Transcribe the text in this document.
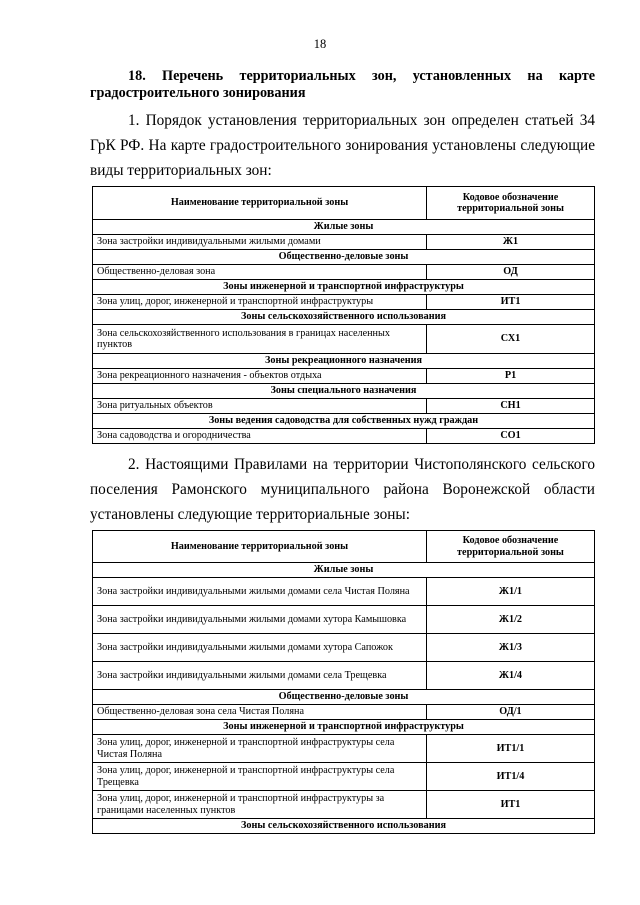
18
18. Перечень территориальных зон, установленных на карте
градостроительного зонирования
1. Порядок установления территориальных зон определен статьей 34
ГрК РФ. На карте градостроительного зонирования установлены следующие
виды территориальных зон:
Наименование территориальной зоны	Кодовое обозначение территориальной зоны
Жилые зоны	
Зона застройки индивидуальными жилыми домами	Ж1
Общественно-деловые зоны	
Общественно-деловая зона	ОД
Зоны инженерной и транспортной инфраструктуры	
Зона улиц, дорог, инженерной и транспортной инфраструктуры	ИТ1
Зоны сельскохозяйственного использования	
Зона сельскохозяйственного использования в границах населенных пунктов	СХ1
Зоны рекреационного назначения	
Зона рекреационного назначения - объектов отдыха	Р1
Зоны специального назначения	
Зона ритуальных объектов	СН1
Зоны ведения садоводства для собственных нужд граждан	
Зона садоводства и огородничества	СО1
2. Настоящими Правилами на территории Чистополянского сельского
поселения Рамонского муниципального района Воронежской области
установлены следующие территориальные зоны:
Наименование территориальной зоны	Кодовое обозначение территориальной зоны
Жилые зоны	
Зона застройки индивидуальными жилыми домами села Чистая Поляна	Ж1/1
Зона застройки индивидуальными жилыми домами хутора Камышовка	Ж1/2
Зона застройки индивидуальными жилыми домами хутора Сапожок	Ж1/3
Зона застройки индивидуальными жилыми домами села Трещевка	Ж1/4
Общественно-деловые зоны	
Общественно-деловая зона села Чистая Поляна	ОД/1
Зоны инженерной и транспортной инфраструктуры	
Зона улиц, дорог, инженерной и транспортной инфраструктуры села Чистая Поляна	ИТ1/1
Зона улиц, дорог, инженерной и транспортной инфраструктуры села Трещевка	ИТ1/4
Зона улиц, дорог, инженерной и транспортной инфраструктуры за границами населенных пунктов	ИТ1
Зоны сельскохозяйственного использования	
